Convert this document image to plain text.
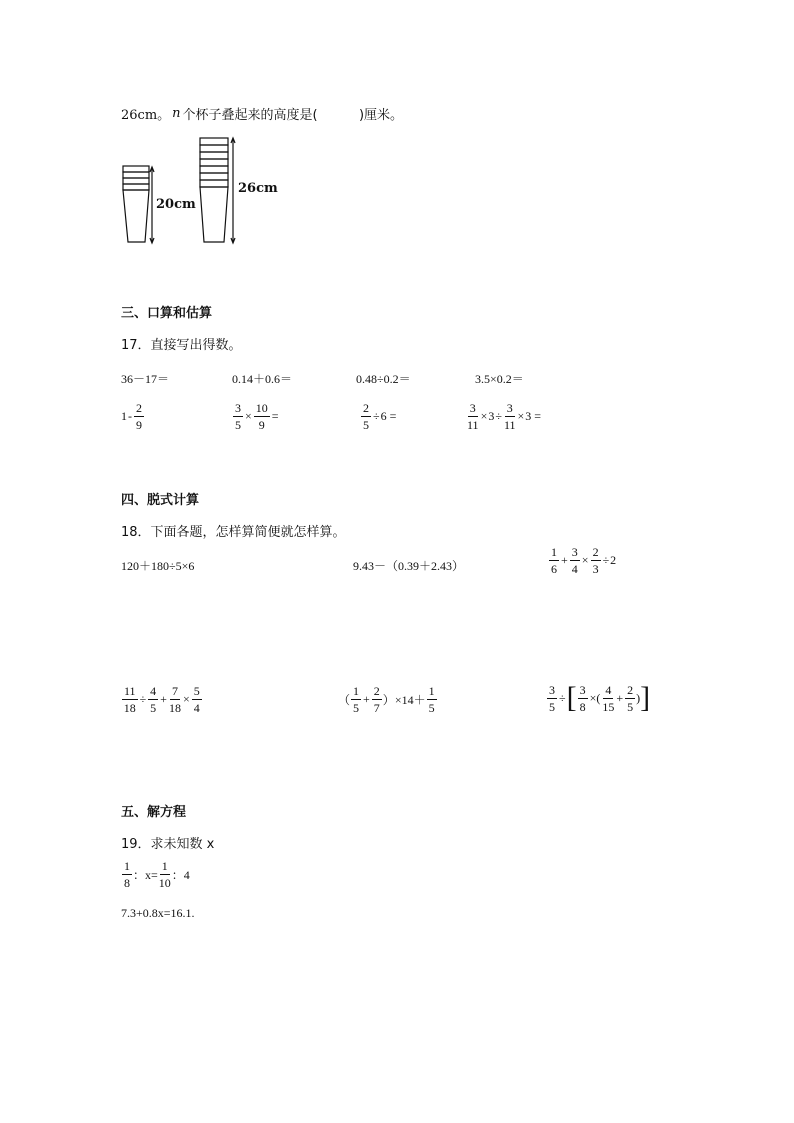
26cm。 n 个杯子叠起来的高度是(
	)厘米。
20cm
26cm
三、口算和估算
17．直接写出得数。
36－17＝	0.14＋0.6＝	0.48÷0.2＝	3.5×0.2＝
$1 - \frac{2}{9}$	$\frac{3}{5} \times \frac{10}{9}$ =	$\frac{2}{5} \div 6$ =	$\frac{3}{11} \times 3 \div \frac{3}{11} \times 3$ =
四、脱式计算
18．下面各题，怎样算简便就怎样算。
120＋180÷5×6	9.43－（0.39＋2.43）	$\frac{1}{6} + \frac{3}{4} \times \frac{2}{3} \div 2$
$\frac{11}{18} \div \frac{4}{5} + \frac{7}{18} \times \frac{5}{4}$	（ $\frac{1}{5} + \frac{2}{7}$ ） $\times 14+ \frac{1}{5}$	$\frac{3}{5}$ ÷ [ $\frac{3}{8}$ ×( $\frac{4}{15} + \frac{2}{5}$ ) ]
五、解方程
19．求未知数 x
$\frac{1}{8}$ ：$x= \frac{1}{10}$ ：4
7.3+0.8x=16.1.
